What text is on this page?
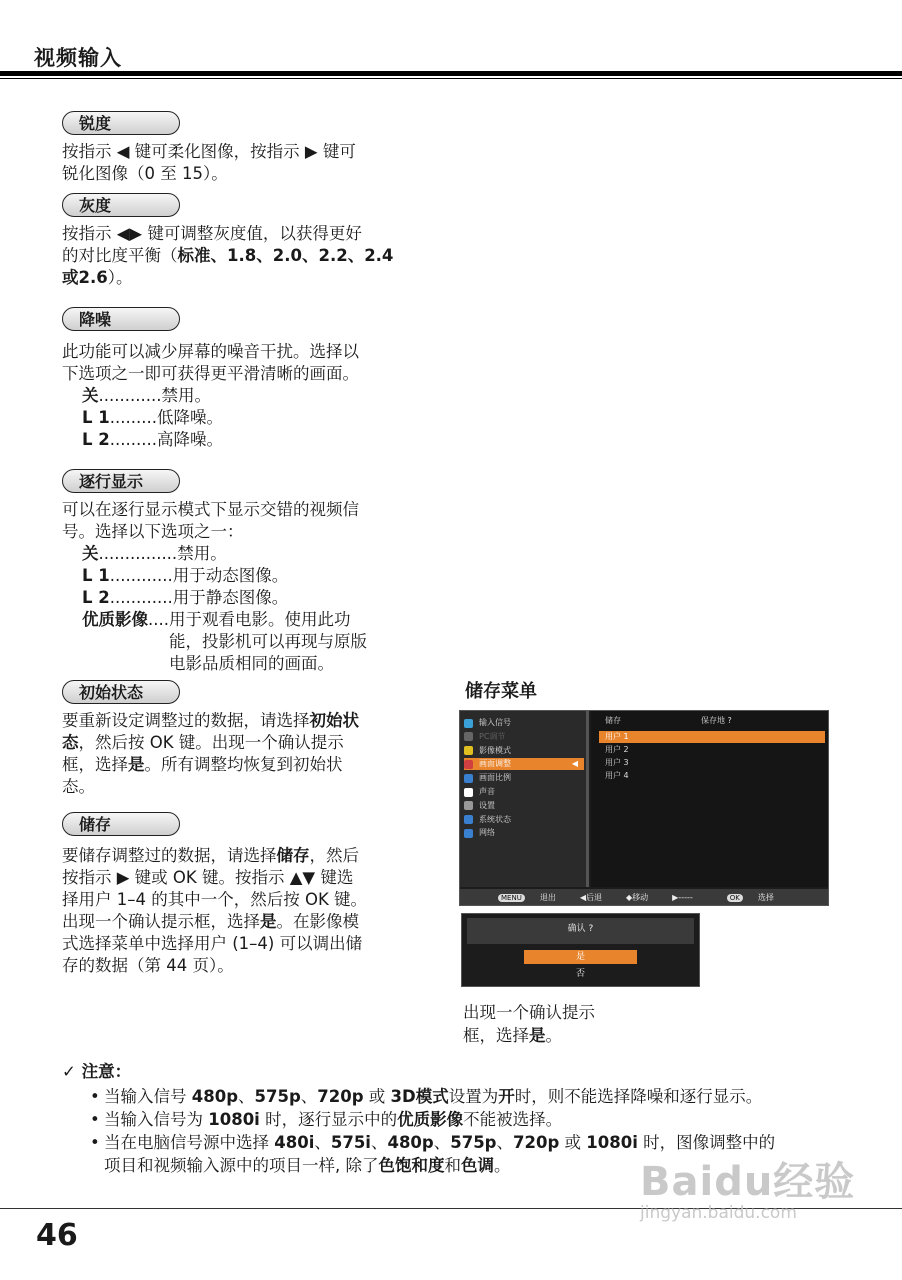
视频输入
锐度
按指示 ◀ 键可柔化图像，按指示 ▶ 键可
锐化图像（0 至 15）。
灰度
按指示 ◀▶ 键可调整灰度值，以获得更好
的对比度平衡（标准、1.8、2.0、2.2、2.4
或2.6）。
降噪
此功能可以减少屏幕的噪音干扰。选择以
下选项之一即可获得更平滑清晰的画面。
关 ............ 禁用。
L 1 ......... 低降噪。
L 2 ......... 高降噪。
逐行显示
可以在逐行显示模式下显示交错的视频信
号。选择以下选项之一：
关 ............... 禁用。
L 1 ............ 用于动态图像。
L 2 ............ 用于静态图像。
优质影像 .... 用于观看电影。使用此功
能，投影机可以再现与原版
电影品质相同的画面。
初始状态
要重新设定调整过的数据，请选择初始状
态，然后按 OK 键。出现一个确认提示
框，选择是。所有调整均恢复到初始状
态。
储存
要储存调整过的数据，请选择储存，然后
按指示 ▶ 键或 OK 键。按指示 ▲▼ 键选
择用户 1–4 的其中一个，然后按 OK 键。
出现一个确认提示框，选择是。在影像模
式选择菜单中选择用户 (1–4) 可以调出储
存的数据（第 44 页）。
储存菜单
输入信号
PC调节
影像模式
画面调整	◀
画面比例
声音
设置
系统状态
网络
储存	保存地 ?
用户 1
用户 2
用户 3
用户 4
MENU 退出	◀后退	◆移动	▶-----	OK 选择
确认 ?
是
否
出现一个确认提示
框，选择是。
✓ 注意：
• 当输入信号 480p、575p、720p 或 3D模式设置为开时，则不能选择降噪和逐行显示。
• 当输入信号为 1080i 时，逐行显示中的优质影像不能被选择。
• 当在电脑信号源中选择 480i、575i、480p、575p、720p 或 1080i 时，图像调整中的
项目和视频输入源中的项目一样, 除了色饱和度和色调。
46
Baidu经验
jingyan.baidu.com
